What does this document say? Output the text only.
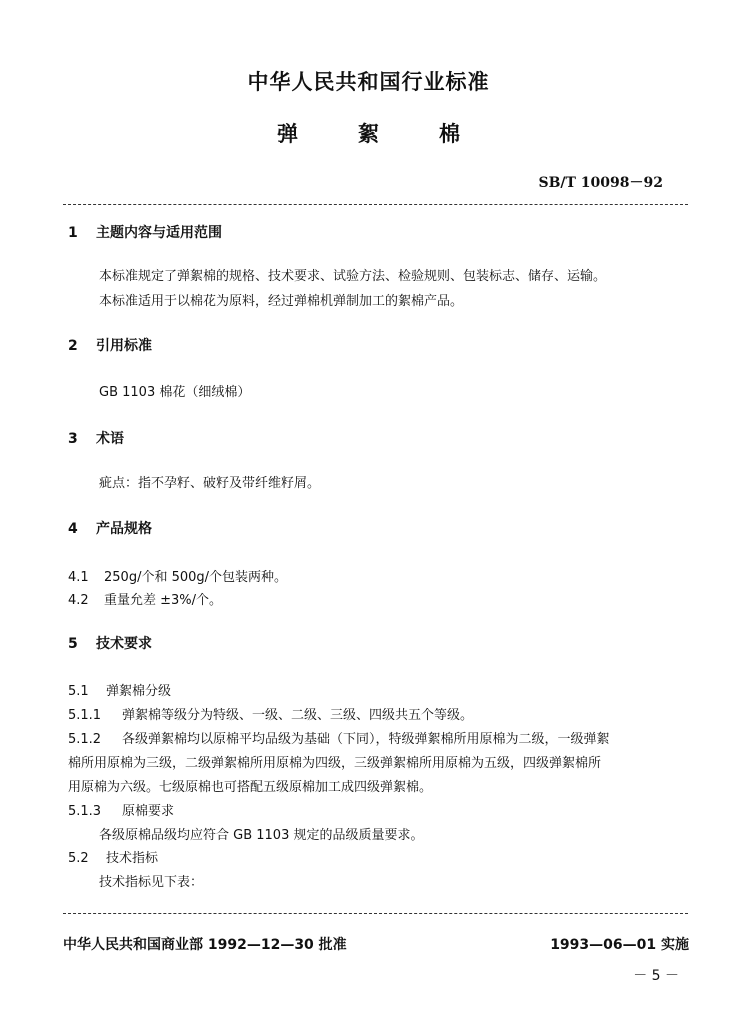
中华人民共和国行业标准
弹絮棉
SB/T 10098－92
1 主题内容与适用范围
本标准规定了弹絮棉的规格、技术要求、试验方法、检验规则、包装标志、储存、运输。
本标准适用于以棉花为原料，经过弹棉机弹制加工的絮棉产品。
2 引用标准
GB 1103 棉花（细绒棉）
3 术语
疵点：指不孕籽、破籽及带纤维籽屑。
4 产品规格
4.1 250g/个和 500g/个包装两种。
4.2 重量允差 ±3%/个。
5 技术要求
5.1 弹絮棉分级
5.1.1 弹絮棉等级分为特级、一级、二级、三级、四级共五个等级。
5.1.2 各级弹絮棉均以原棉平均品级为基础（下同），特级弹絮棉所用原棉为二级，一级弹絮
棉所用原棉为三级，二级弹絮棉所用原棉为四级，三级弹絮棉所用原棉为五级，四级弹絮棉所
用原棉为六级。七级原棉也可搭配五级原棉加工成四级弹絮棉。
5.1.3 原棉要求
各级原棉品级均应符合 GB 1103 规定的品级质量要求。
5.2 技术指标
技术指标见下表：
中华人民共和国商业部 1992—12—30 批准	1993—06—01 实施
－ 5 －
